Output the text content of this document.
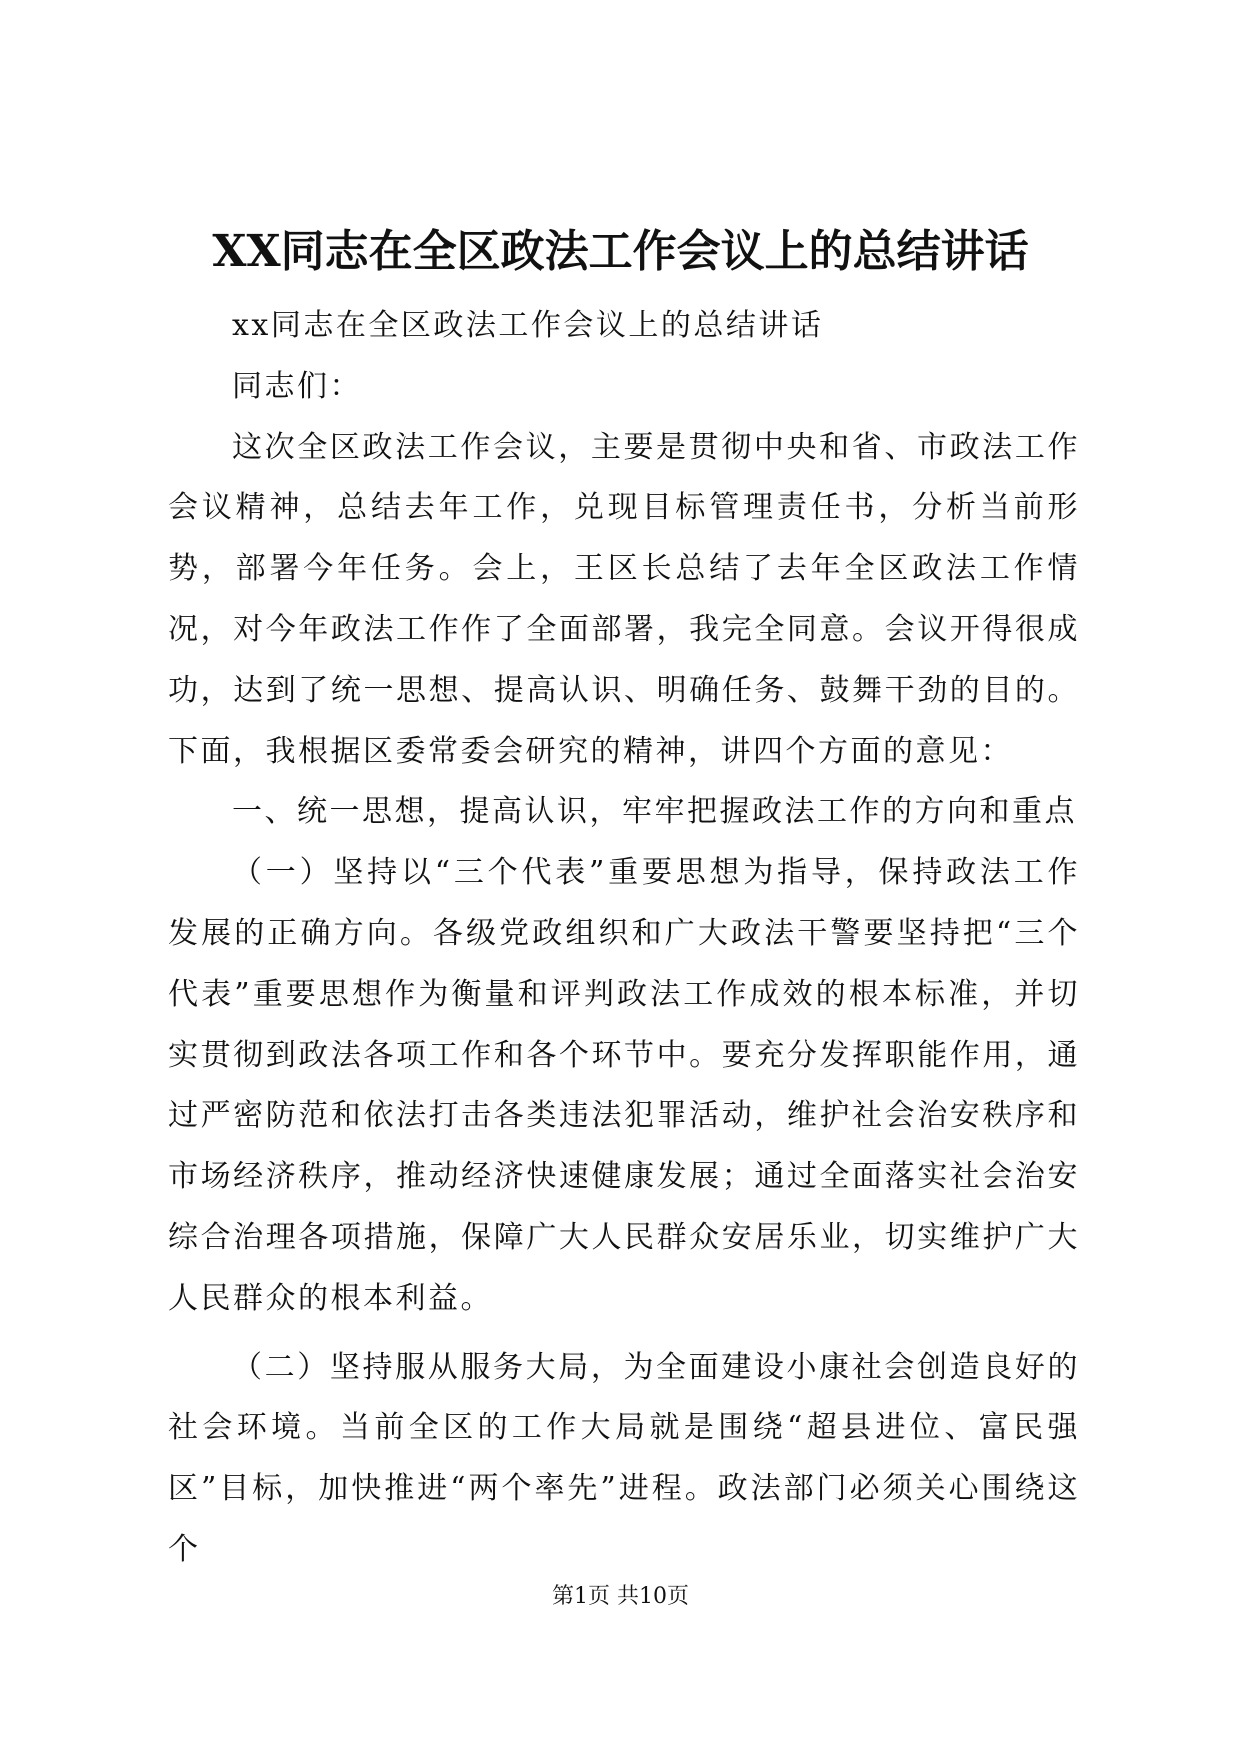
XX同志在全区政法工作会议上的总结讲话

xx同志在全区政法工作会议上的总结讲话

同志们：

这次全区政法工作会议，主要是贯彻中央和省、市政法工作会议精神，总结去年工作，兑现目标管理责任书，分析当前形势，部署今年任务。会上，王区长总结了去年全区政法工作情况，对今年政法工作作了全面部署，我完全同意。会议开得很成功，达到了统一思想、提高认识、明确任务、鼓舞干劲的目的。下面，我根据区委常委会研究的精神，讲四个方面的意见：

一、统一思想，提高认识，牢牢把握政法工作的方向和重点

（一）坚持以“三个代表”重要思想为指导，保持政法工作发展的正确方向。各级党政组织和广大政法干警要坚持把“三个代表”重要思想作为衡量和评判政法工作成效的根本标准，并切实贯彻到政法各项工作和各个环节中。要充分发挥职能作用，通过严密防范和依法打击各类违法犯罪活动，维护社会治安秩序和市场经济秩序，推动经济快速健康发展；通过全面落实社会治安综合治理各项措施，保障广大人民群众安居乐业，切实维护广大人民群众的根本利益。

（二）坚持服从服务大局，为全面建设小康社会创造良好的社会环境。当前全区的工作大局就是围绕“超县进位、富民强区”目标，加快推进“两个率先”进程。政法部门必须关心围绕这个

第1页 共10页
